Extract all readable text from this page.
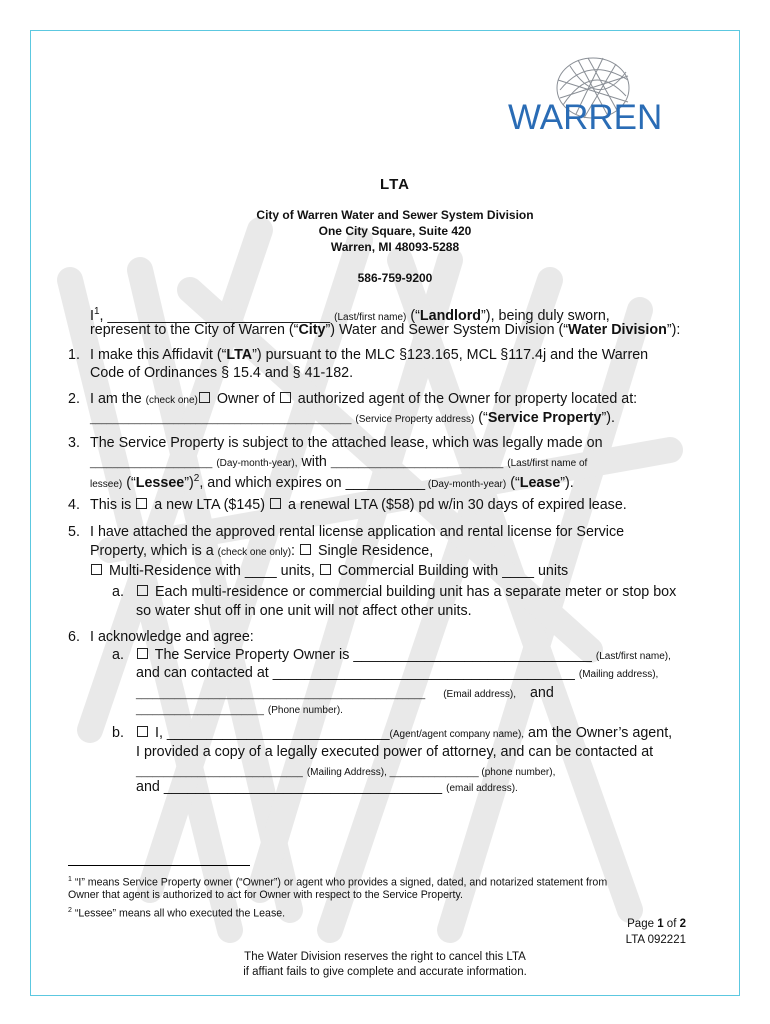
WARREN
LTA
City of Warren Water and Sewer System Division
One City Square, Suite 420
Warren, MI 48093-5288
586-759-9200
$I^1$, ____________________________ (Last/first name) (“Landlord”), being duly sworn,
represent to the City of Warren (“City”) Water and Sewer System Division (“Water Division”):
1. I make this Affidavit (“LTA”) pursuant to the MLC §123.165, MCL §117.4j and the Warren
Code of Ordinances § 15.4 and § 41-182.
2. I am the (check one) Owner of  authorized agent of the Owner for property located at:
_______________________________________________ (Service Property address) (“Service Property”).
3. The Service Property is subject to the attached lease, which was legally made on
______________________ (Day-month-year), with _______________________________ (Last/first name of
lessee) (“Lessee”)$^2$, and which expires on __________ (Day-month-year) (“Lease”).
4. This is  a new LTA ($145)  a renewal LTA ($58) pd w/in 30 days of expired lease.
5. I have attached the approved rental license application and rental license for Service
Property, which is a (check one only):  Single Residence,
Multi-Residence with ____ units,  Commercial Building with ____ units
a.	Each multi-residence or commercial building unit has a separate meter or stop box
so water shut off in one unit will not affect other units.
6. I acknowledge and agree:
a.	The Service Property Owner is ______________________________ (Last/first name),
and can contacted at ______________________________________ (Mailing address),
____________________________________________________ (Email address), and
_______________________ (Phone number).
b.	I, ____________________________(Agent/agent company name), am the Owner’s agent,
I provided a copy of a legally executed power of attorney, and can be contacted at
______________________________ (Mailing Address), ________________ (phone number),
and ___________________________________ (email address).
$^1$ “I” means Service Property owner (“Owner”) or agent who provides a signed, dated, and notarized statement from
Owner that agent is authorized to act for Owner with respect to the Service Property.
$^2$ “Lessee” means all who executed the Lease.
Page 1 of 2
LTA 092221
The Water Division reserves the right to cancel this LTA
if affiant fails to give complete and accurate information.
